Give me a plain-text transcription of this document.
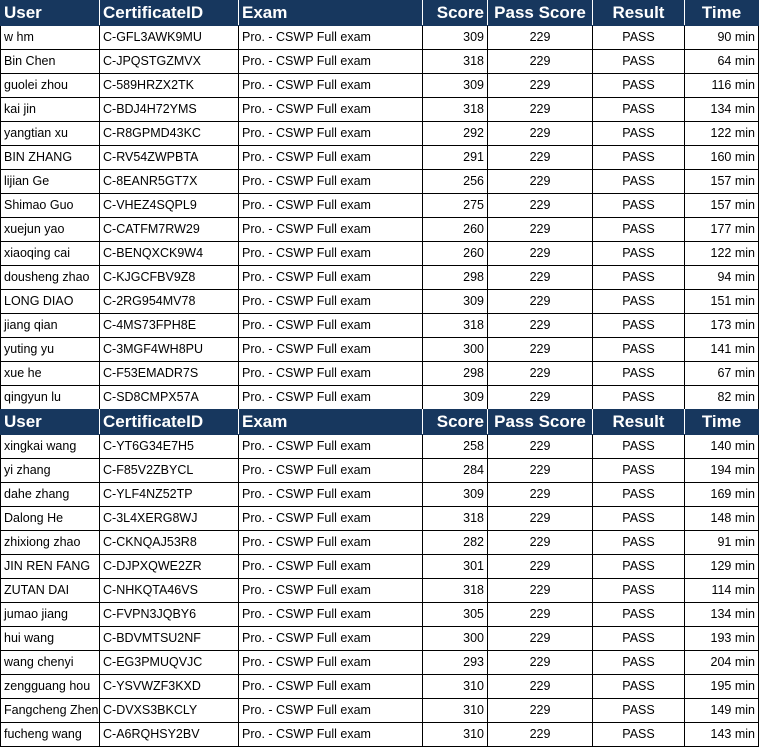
User	CertificateID	Exam	Score	Pass Score	Result	Time
w hm	C-GFL3AWK9MU	Pro. - CSWP Full exam	309	229	PASS	90 min
Bin Chen	C-JPQSTGZMVX	Pro. - CSWP Full exam	318	229	PASS	64 min
guolei zhou	C-589HRZX2TK	Pro. - CSWP Full exam	309	229	PASS	116 min
kai jin	C-BDJ4H72YMS	Pro. - CSWP Full exam	318	229	PASS	134 min
yangtian xu	C-R8GPMD43KC	Pro. - CSWP Full exam	292	229	PASS	122 min
BIN ZHANG	C-RV54ZWPBTA	Pro. - CSWP Full exam	291	229	PASS	160 min
lijian Ge	C-8EANR5GT7X	Pro. - CSWP Full exam	256	229	PASS	157 min
Shimao Guo	C-VHEZ4SQPL9	Pro. - CSWP Full exam	275	229	PASS	157 min
xuejun yao	C-CATFM7RW29	Pro. - CSWP Full exam	260	229	PASS	177 min
xiaoqing cai	C-BENQXCK9W4	Pro. - CSWP Full exam	260	229	PASS	122 min
dousheng zhao	C-KJGCFBV9Z8	Pro. - CSWP Full exam	298	229	PASS	94 min
LONG DIAO	C-2RG954MV78	Pro. - CSWP Full exam	309	229	PASS	151 min
jiang qian	C-4MS73FPH8E	Pro. - CSWP Full exam	318	229	PASS	173 min
yuting yu	C-3MGF4WH8PU	Pro. - CSWP Full exam	300	229	PASS	141 min
xue he	C-F53EMADR7S	Pro. - CSWP Full exam	298	229	PASS	67 min
qingyun lu	C-SD8CMPX57A	Pro. - CSWP Full exam	309	229	PASS	82 min
User	CertificateID	Exam	Score	Pass Score	Result	Time
xingkai wang	C-YT6G34E7H5	Pro. - CSWP Full exam	258	229	PASS	140 min
yi zhang	C-F85V2ZBYCL	Pro. - CSWP Full exam	284	229	PASS	194 min
dahe zhang	C-YLF4NZ52TP	Pro. - CSWP Full exam	309	229	PASS	169 min
Dalong He	C-3L4XERG8WJ	Pro. - CSWP Full exam	318	229	PASS	148 min
zhixiong zhao	C-CKNQAJ53R8	Pro. - CSWP Full exam	282	229	PASS	91 min
JIN REN FANG	C-DJPXQWE2ZR	Pro. - CSWP Full exam	301	229	PASS	129 min
ZUTAN DAI	C-NHKQTA46VS	Pro. - CSWP Full exam	318	229	PASS	114 min
jumao jiang	C-FVPN3JQBY6	Pro. - CSWP Full exam	305	229	PASS	134 min
hui wang	C-BDVMTSU2NF	Pro. - CSWP Full exam	300	229	PASS	193 min
wang chenyi	C-EG3PMUQVJC	Pro. - CSWP Full exam	293	229	PASS	204 min
zengguang hou	C-YSVWZF3KXD	Pro. - CSWP Full exam	310	229	PASS	195 min
Fangcheng Zhen	C-DVXS3BKCLY	Pro. - CSWP Full exam	310	229	PASS	149 min
fucheng wang	C-A6RQHSY2BV	Pro. - CSWP Full exam	310	229	PASS	143 min
